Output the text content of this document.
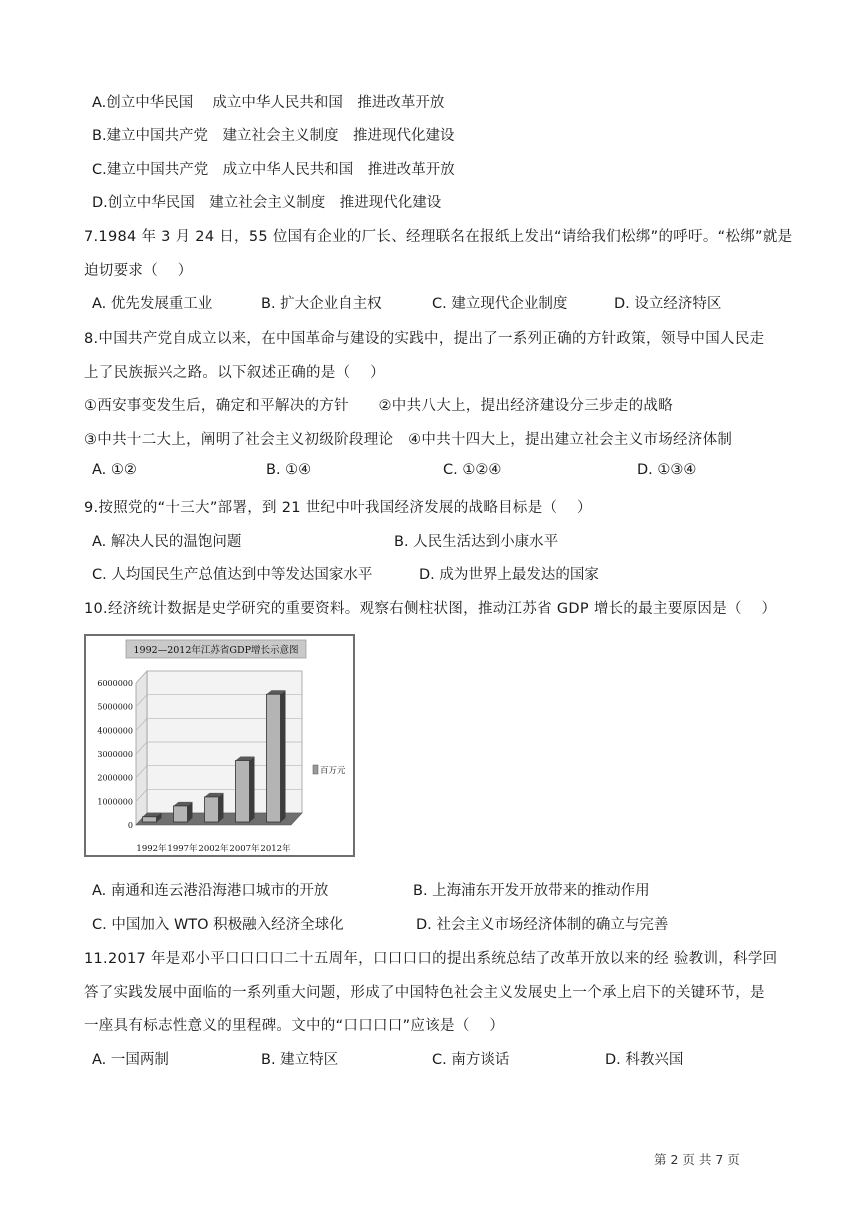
A.创立中华民国　 成立中华人民共和国　推进改革开放
B.建立中国共产党　建立社会主义制度　推进现代化建设
C.建立中国共产党　成立中华人民共和国　推进改革开放
D.创立中华民国　建立社会主义制度　推进现代化建设
7.1984 年 3 月 24 日，55 位国有企业的厂长、经理联名在报纸上发出“请给我们松绑”的呼吁。“松绑”就是
迫切要求（　 ）
A. 优先发展重工业	B. 扩大企业自主权	C. 建立现代企业制度	D. 设立经济特区
8.中国共产党自成立以来，在中国革命与建设的实践中，提出了一系列正确的方针政策，领导中国人民走
上了民族振兴之路。以下叙述正确的是（　 ）
①西安事变发生后，确定和平解决的方针　　②中共八大上，提出经济建设分三步走的战略
③中共十二大上，阐明了社会主义初级阶段理论　④中共十四大上，提出建立社会主义市场经济体制
A. ①②	B. ①④	C. ①②④	D. ①③④
9.按照党的“十三大”部署，到 21 世纪中叶我国经济发展的战略目标是（　 ）
A. 解决人民的温饱问题	B. 人民生活达到小康水平
C. 人均国民生产总值达到中等发达国家水平	D. 成为世界上最发达的国家
10.经济统计数据是史学研究的重要资料。观察右侧柱状图，推动江苏省 GDP 增长的最主要原因是（　 ）
1992—2012年江苏省GDP增长示意图
0
1000000
2000000
3000000
4000000
5000000
6000000
1992年 1997年 2002年 2007年 2012年
百万元
A. 南通和连云港沿海港口城市的开放	B. 上海浦东开发开放带来的推动作用
C. 中国加入 WTO 积极融入经济全球化	D. 社会主义市场经济体制的确立与完善
11.2017 年是邓小平口口口口二十五周年，口口口口的提出系统总结了改革开放以来的经 验教训，科学回
答了实践发展中面临的一系列重大问题，形成了中国特色社会主义发展史上一个承上启下的关键环节，是
一座具有标志性意义的里程碑。文中的“口口口口”应该是（　 ）
A. 一国两制	B. 建立特区	C. 南方谈话	D. 科教兴国
第 2 页 共 7 页
